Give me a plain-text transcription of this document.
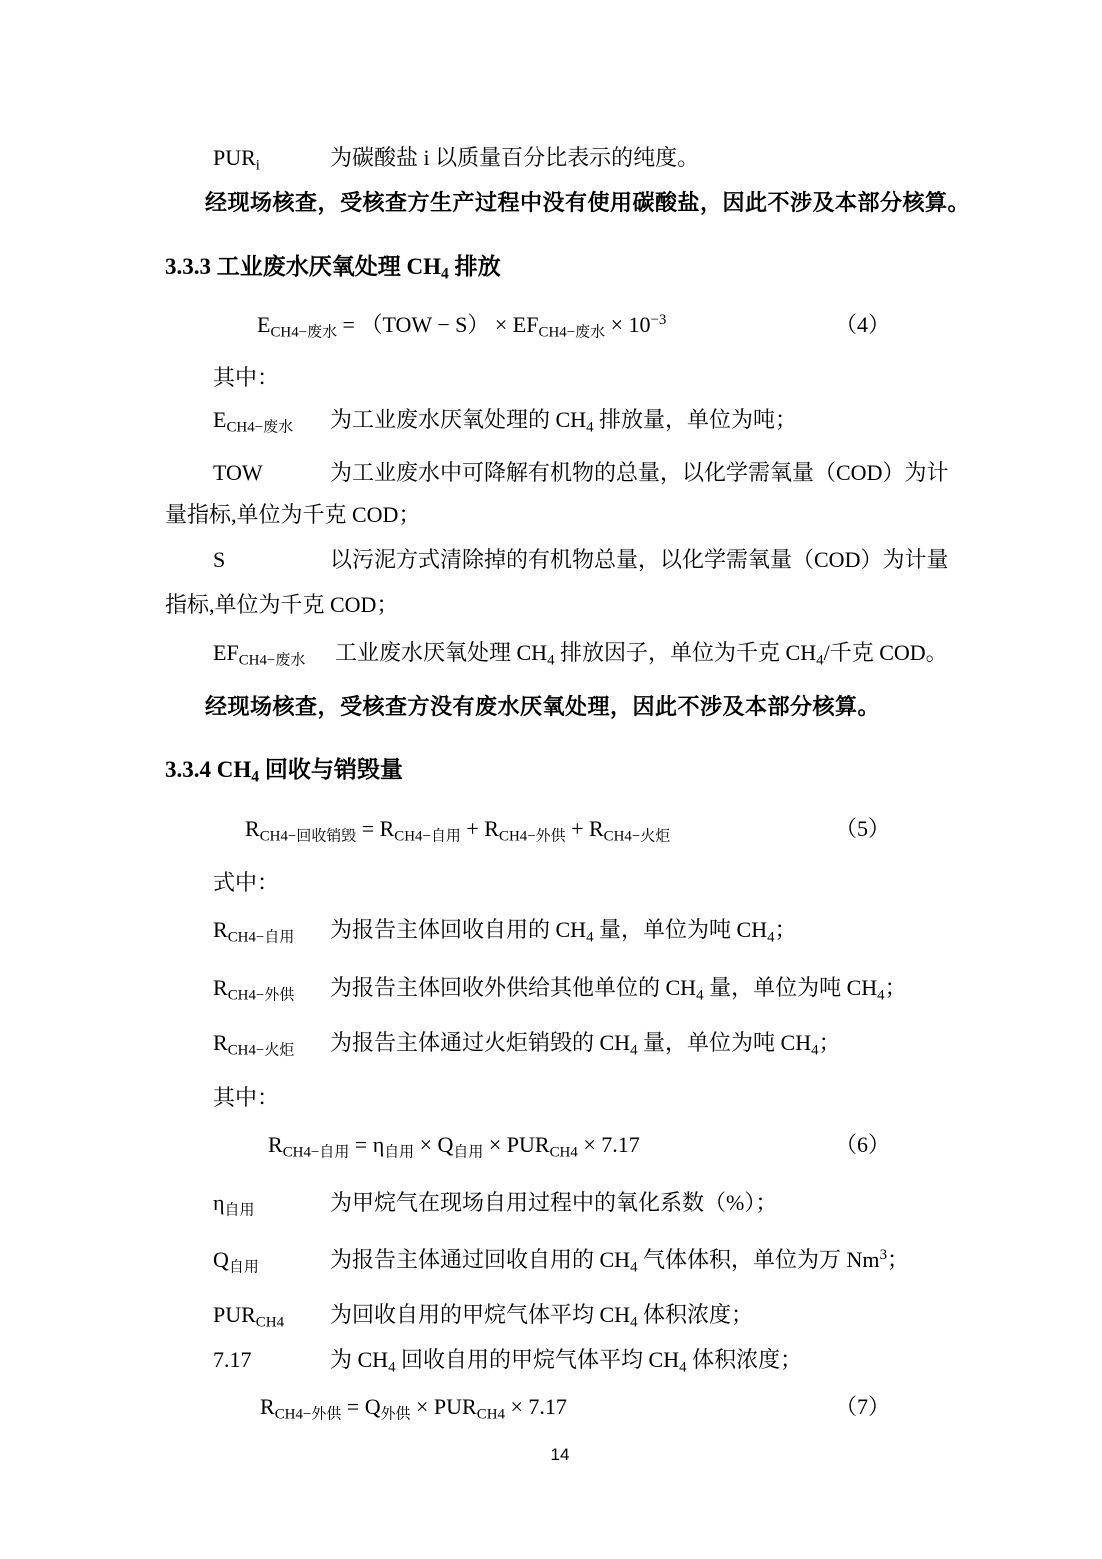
$PUR_i$	为碳酸盐 i 以质量百分比表示的纯度。
经现场核查，受核查方生产过程中没有使用碳酸盐，因此不涉及本部分核算。
3.3.3 工业废水厌氧处理 $CH_4$ 排放
$E_{CH4-废水} = (TOW - S) \times EF_{CH4-废水} \times 10^{-3}$	（4）
其中：
$E_{CH4-废水}$	为工业废水厌氧处理的 $CH_4$ 排放量，单位为吨；
TOW	为工业废水中可降解有机物的总量，以化学需氧量（COD）为计
量指标,单位为千克 COD；
S	以污泥方式清除掉的有机物总量，以化学需氧量（COD）为计量
指标,单位为千克 COD；
$EF_{CH4-废水}$	工业废水厌氧处理 $CH_4$ 排放因子，单位为千克 $CH_4/$千克 COD。
经现场核查，受核查方没有废水厌氧处理，因此不涉及本部分核算。
3.3.4 $CH_4$ 回收与销毁量
$R_{CH4-回收销毁} = R_{CH4-自用} + R_{CH4-外供} + R_{CH4-火炬}$	（5）
式中：
$R_{CH4-自用}$	为报告主体回收自用的 $CH_4$ 量，单位为吨 $CH_4$；
$R_{CH4-外供}$	为报告主体回收外供给其他单位的 $CH_4$ 量，单位为吨 $CH_4$；
$R_{CH4-火炬}$	为报告主体通过火炬销毁的 $CH_4$ 量，单位为吨 $CH_4$；
其中：
$R_{CH4-自用} = \eta_{自用} \times Q_{自用} \times PUR_{CH4} \times 7.17$	（6）
$\eta_{自用}$	为甲烷气在现场自用过程中的氧化系数（%）；
$Q_{自用}$	为报告主体通过回收自用的 $CH_4$ 气体体积，单位为万 Nm$^3$；
$PUR_{CH4}$	为回收自用的甲烷气体平均 $CH_4$ 体积浓度；
7.17	为 $CH_4$ 回收自用的甲烷气体平均 $CH_4$ 体积浓度；
$R_{CH4-外供} = Q_{外供} \times PUR_{CH4} \times 7.17$	（7）
14
